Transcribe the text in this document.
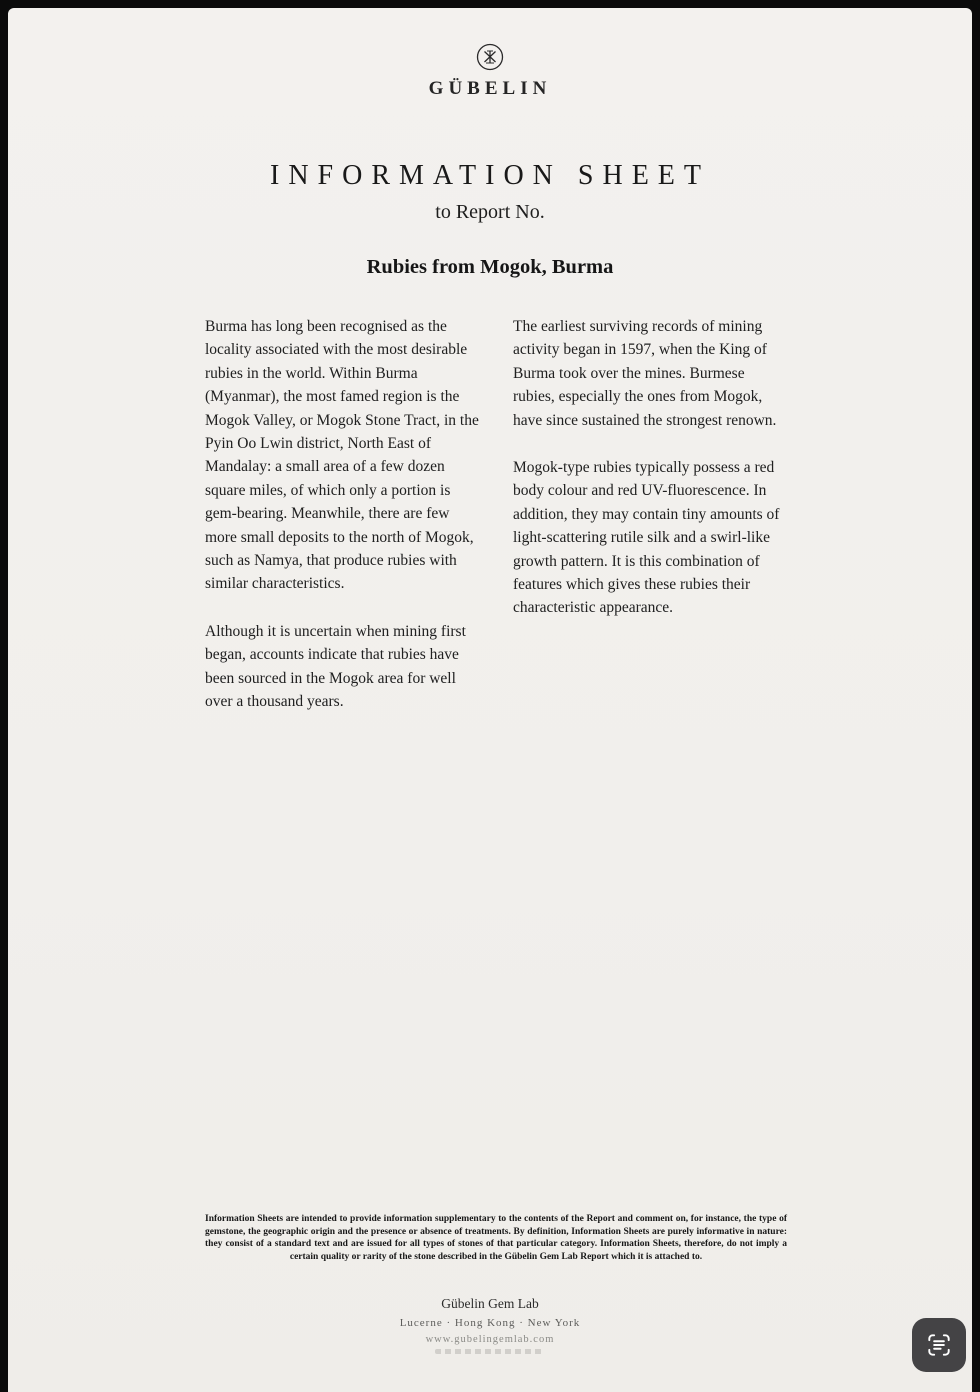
GÜBELIN
INFORMATION SHEET
to Report No.
Rubies from Mogok, Burma

Burma has long been recognised as the locality associated with the most desirable rubies in the world. Within Burma (Myanmar), the most famed region is the Mogok Valley, or Mogok Stone Tract, in the Pyin Oo Lwin district, North East of Mandalay: a small area of a few dozen square miles, of which only a portion is gem-bearing. Meanwhile, there are few more small deposits to the north of Mogok, such as Namya, that produce rubies with similar characteristics.

Although it is uncertain when mining first began, accounts indicate that rubies have been sourced in the Mogok area for well over a thousand years.

The earliest surviving records of mining activity began in 1597, when the King of Burma took over the mines. Burmese rubies, especially the ones from Mogok, have since sustained the strongest renown.

Mogok-type rubies typically possess a red body colour and red UV-fluorescence. In addition, they may contain tiny amounts of light-scattering rutile silk and a swirl-like growth pattern. It is this combination of features which gives these rubies their characteristic appearance.

Information Sheets are intended to provide information supplementary to the contents of the Report and comment on, for instance, the type of gemstone, the geographic origin and the presence or absence of treatments. By definition, Information Sheets are purely informative in nature: they consist of a standard text and are issued for all types of stones of that particular category. Information Sheets, therefore, do not imply a certain quality or rarity of the stone described in the Gübelin Gem Lab Report which it is attached to.
Gübelin Gem Lab
Lucerne · Hong Kong · New York
www.gubelingemlab.com
